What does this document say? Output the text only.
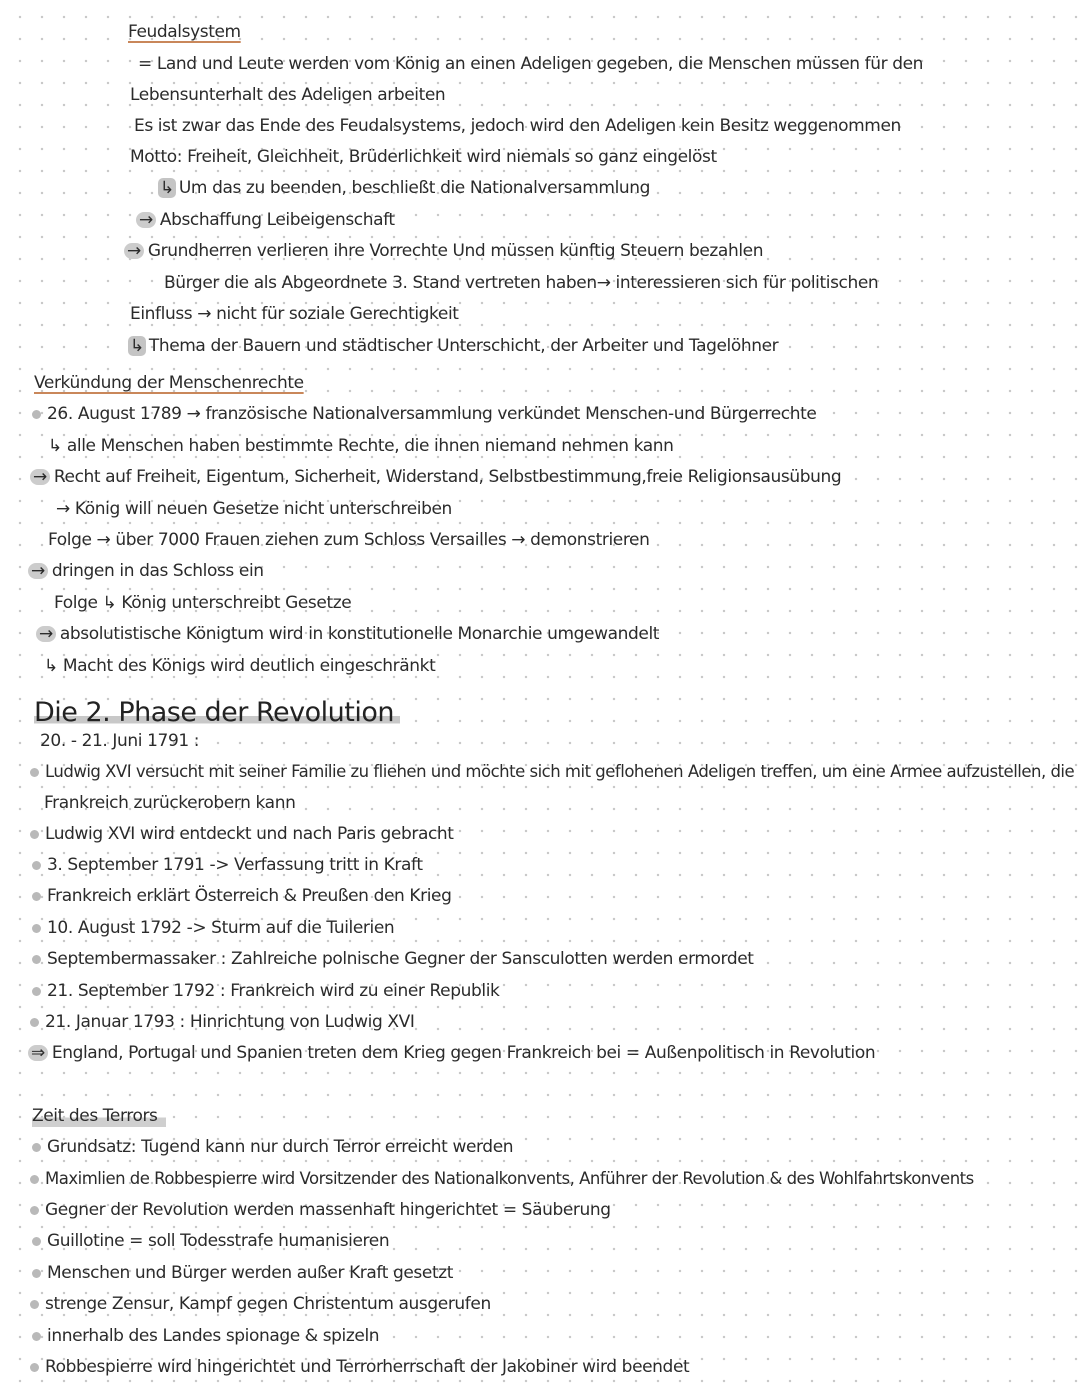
Feudalsystem
= Land und Leute werden vom König an einen Adeligen gegeben, die Menschen müssen für den
Lebensunterhalt des Adeligen arbeiten
Es ist zwar das Ende des Feudalsystems, jedoch wird den Adeligen kein Besitz weggenommen
Motto: Freiheit, Gleichheit, Brüderlichkeit wird niemals so ganz eingelöst
↳ Um das zu beenden, beschließt die Nationalversammlung
→ Abschaffung Leibeigenschaft
→ Grundherren verlieren ihre Vorrechte Und müssen künftig Steuern bezahlen
Bürger die als Abgeordnete 3. Stand vertreten haben→ interessieren sich für politischen
Einfluss → nicht für soziale Gerechtigkeit
↳ Thema der Bauern und städtischer Unterschicht, der Arbeiter und Tagelöhner
Verkündung der Menschenrechte
26. August 1789 → französische Nationalversammlung verkündet Menschen-und Bürgerrechte
↳ alle Menschen haben bestimmte Rechte, die ihnen niemand nehmen kann
→ Recht auf Freiheit, Eigentum, Sicherheit, Widerstand, Selbstbestimmung,freie Religionsausübung
→ König will neuen Gesetze nicht unterschreiben
Folge → über 7000 Frauen ziehen zum Schloss Versailles → demonstrieren
→ dringen in das Schloss ein
Folge ↳ König unterschreibt Gesetze
→ absolutistische Königtum wird in konstitutionelle Monarchie umgewandelt
↳ Macht des Königs wird deutlich eingeschränkt
Die 2. Phase der Revolution
20. - 21. Juni 1791 :
Ludwig XVI versucht mit seiner Familie zu fliehen und möchte sich mit geflohenen Adeligen treffen, um eine Armee aufzustellen, die
Frankreich zurückerobern kann
Ludwig XVI wird entdeckt und nach Paris gebracht
3. September 1791 -> Verfassung tritt in Kraft
Frankreich erklärt Österreich & Preußen den Krieg
10. August 1792 -> Sturm auf die Tuilerien
Septembermassaker : Zahlreiche polnische Gegner der Sansculotten werden ermordet
21. September 1792 : Frankreich wird zu einer Republik
21. Januar 1793 : Hinrichtung von Ludwig XVI
⇒ England, Portugal und Spanien treten dem Krieg gegen Frankreich bei = Außenpolitisch in Revolution
Zeit des Terrors
Grundsatz: Tugend kann nur durch Terror erreicht werden
Maximlien de Robbespierre wird Vorsitzender des Nationalkonvents, Anführer der Revolution & des Wohlfahrtskonvents
Gegner der Revolution werden massenhaft hingerichtet = Säuberung
Guillotine = soll Todesstrafe humanisieren
Menschen und Bürger werden außer Kraft gesetzt
strenge Zensur, Kampf gegen Christentum ausgerufen
innerhalb des Landes spionage & spizeln
Robbespierre wird hingerichtet und Terrorherrschaft der Jakobiner wird beendet
